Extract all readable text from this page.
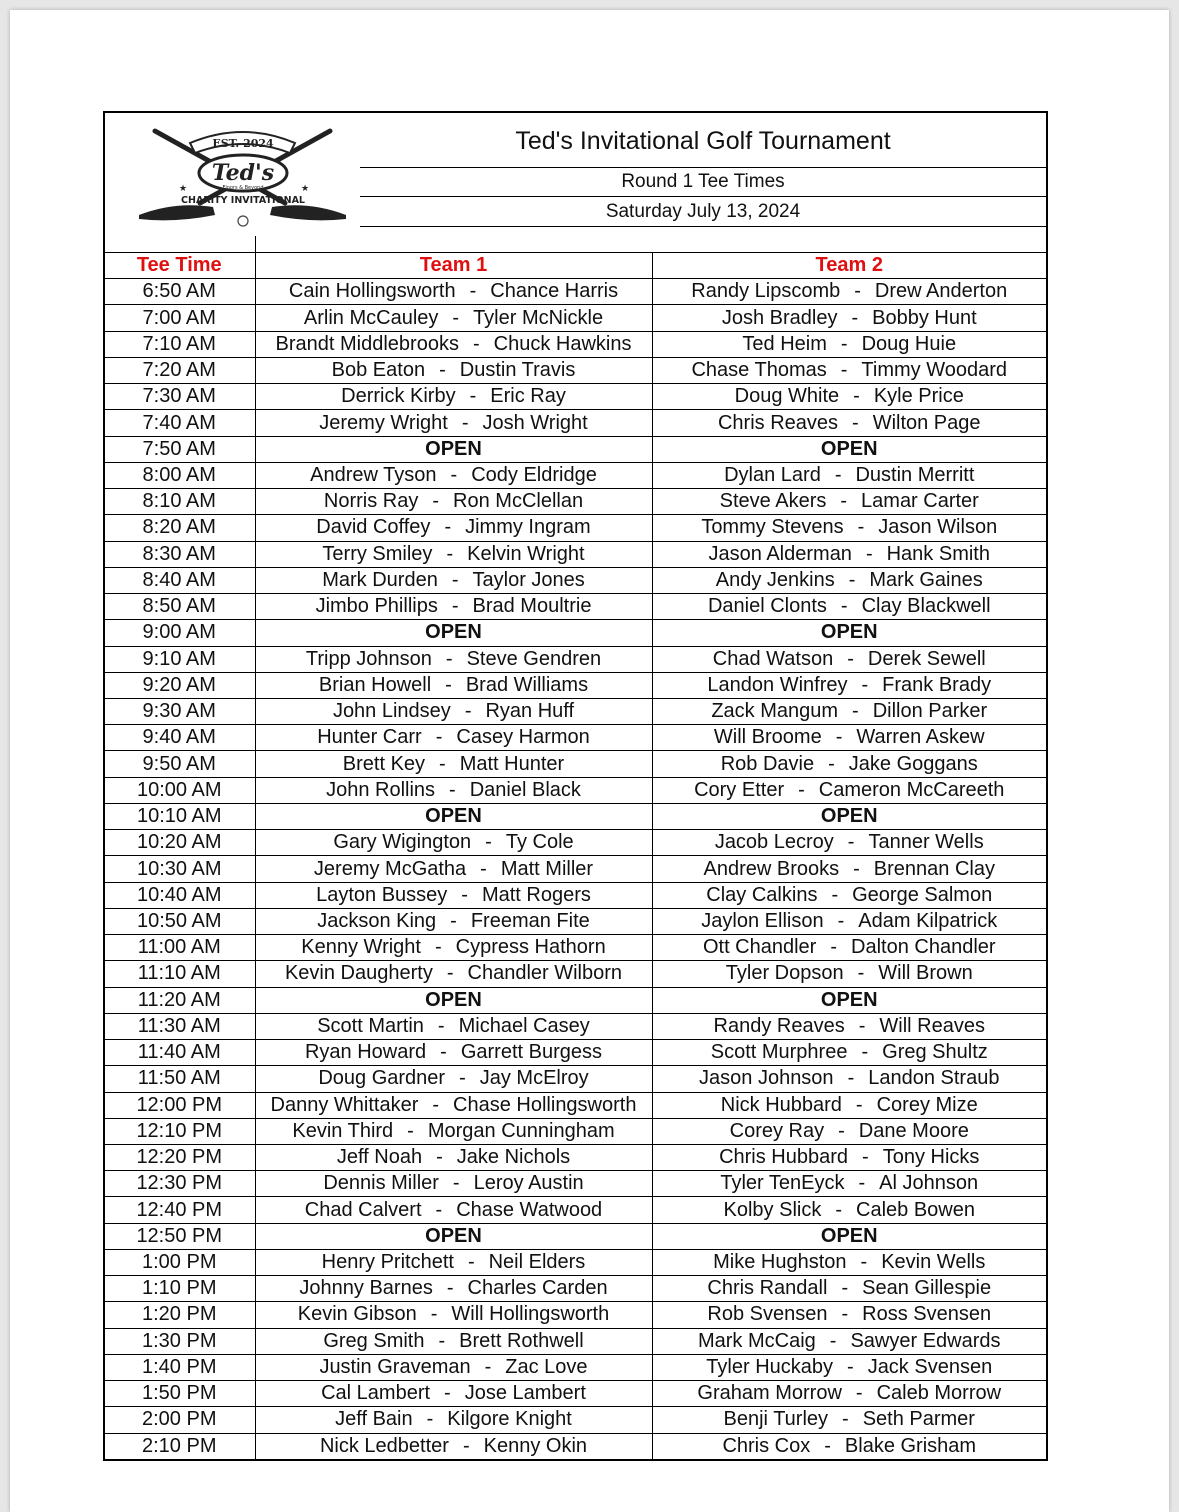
EST. 2024
Ted's
Floors & Beyond
★	★
CHARITY INVITATIONAL
Ted's Invitational Golf Tournament
Round 1 Tee Times
Saturday July 13, 2024
Tee Time	Team 1	Team 2
6:50 AM	Cain Hollingsworth - Chance Harris	Randy Lipscomb - Drew Anderton
7:00 AM	Arlin McCauley - Tyler McNickle	Josh Bradley - Bobby Hunt
7:10 AM	Brandt Middlebrooks - Chuck Hawkins	Ted Heim - Doug Huie
7:20 AM	Bob Eaton - Dustin Travis	Chase Thomas - Timmy Woodard
7:30 AM	Derrick Kirby - Eric Ray	Doug White - Kyle Price
7:40 AM	Jeremy Wright - Josh Wright	Chris Reaves - Wilton Page
7:50 AM	OPEN	OPEN
8:00 AM	Andrew Tyson - Cody Eldridge	Dylan Lard - Dustin Merritt
8:10 AM	Norris Ray - Ron McClellan	Steve Akers - Lamar Carter
8:20 AM	David Coffey - Jimmy Ingram	Tommy Stevens - Jason Wilson
8:30 AM	Terry Smiley - Kelvin Wright	Jason Alderman - Hank Smith
8:40 AM	Mark Durden - Taylor Jones	Andy Jenkins - Mark Gaines
8:50 AM	Jimbo Phillips - Brad Moultrie	Daniel Clonts - Clay Blackwell
9:00 AM	OPEN	OPEN
9:10 AM	Tripp Johnson - Steve Gendren	Chad Watson - Derek Sewell
9:20 AM	Brian Howell - Brad Williams	Landon Winfrey - Frank Brady
9:30 AM	John Lindsey - Ryan Huff	Zack Mangum - Dillon Parker
9:40 AM	Hunter Carr - Casey Harmon	Will Broome - Warren Askew
9:50 AM	Brett Key - Matt Hunter	Rob Davie - Jake Goggans
10:00 AM	John Rollins - Daniel Black	Cory Etter - Cameron McCareeth
10:10 AM	OPEN	OPEN
10:20 AM	Gary Wigington - Ty Cole	Jacob Lecroy - Tanner Wells
10:30 AM	Jeremy McGatha - Matt Miller	Andrew Brooks - Brennan Clay
10:40 AM	Layton Bussey - Matt Rogers	Clay Calkins - George Salmon
10:50 AM	Jackson King - Freeman Fite	Jaylon Ellison - Adam Kilpatrick
11:00 AM	Kenny Wright - Cypress Hathorn	Ott Chandler - Dalton Chandler
11:10 AM	Kevin Daugherty - Chandler Wilborn	Tyler Dopson - Will Brown
11:20 AM	OPEN	OPEN
11:30 AM	Scott Martin - Michael Casey	Randy Reaves - Will Reaves
11:40 AM	Ryan Howard - Garrett Burgess	Scott Murphree - Greg Shultz
11:50 AM	Doug Gardner - Jay McElroy	Jason Johnson - Landon Straub
12:00 PM	Danny Whittaker - Chase Hollingsworth	Nick Hubbard - Corey Mize
12:10 PM	Kevin Third - Morgan Cunningham	Corey Ray - Dane Moore
12:20 PM	Jeff Noah - Jake Nichols	Chris Hubbard - Tony Hicks
12:30 PM	Dennis Miller - Leroy Austin	Tyler TenEyck - Al Johnson
12:40 PM	Chad Calvert - Chase Watwood	Kolby Slick - Caleb Bowen
12:50 PM	OPEN	OPEN
1:00 PM	Henry Pritchett - Neil Elders	Mike Hughston - Kevin Wells
1:10 PM	Johnny Barnes - Charles Carden	Chris Randall - Sean Gillespie
1:20 PM	Kevin Gibson - Will Hollingsworth	Rob Svensen - Ross Svensen
1:30 PM	Greg Smith - Brett Rothwell	Mark McCaig - Sawyer Edwards
1:40 PM	Justin Graveman - Zac Love	Tyler Huckaby - Jack Svensen
1:50 PM	Cal Lambert - Jose Lambert	Graham Morrow - Caleb Morrow
2:00 PM	Jeff Bain - Kilgore Knight	Benji Turley - Seth Parmer
2:10 PM	Nick Ledbetter - Kenny Okin	Chris Cox - Blake Grisham
